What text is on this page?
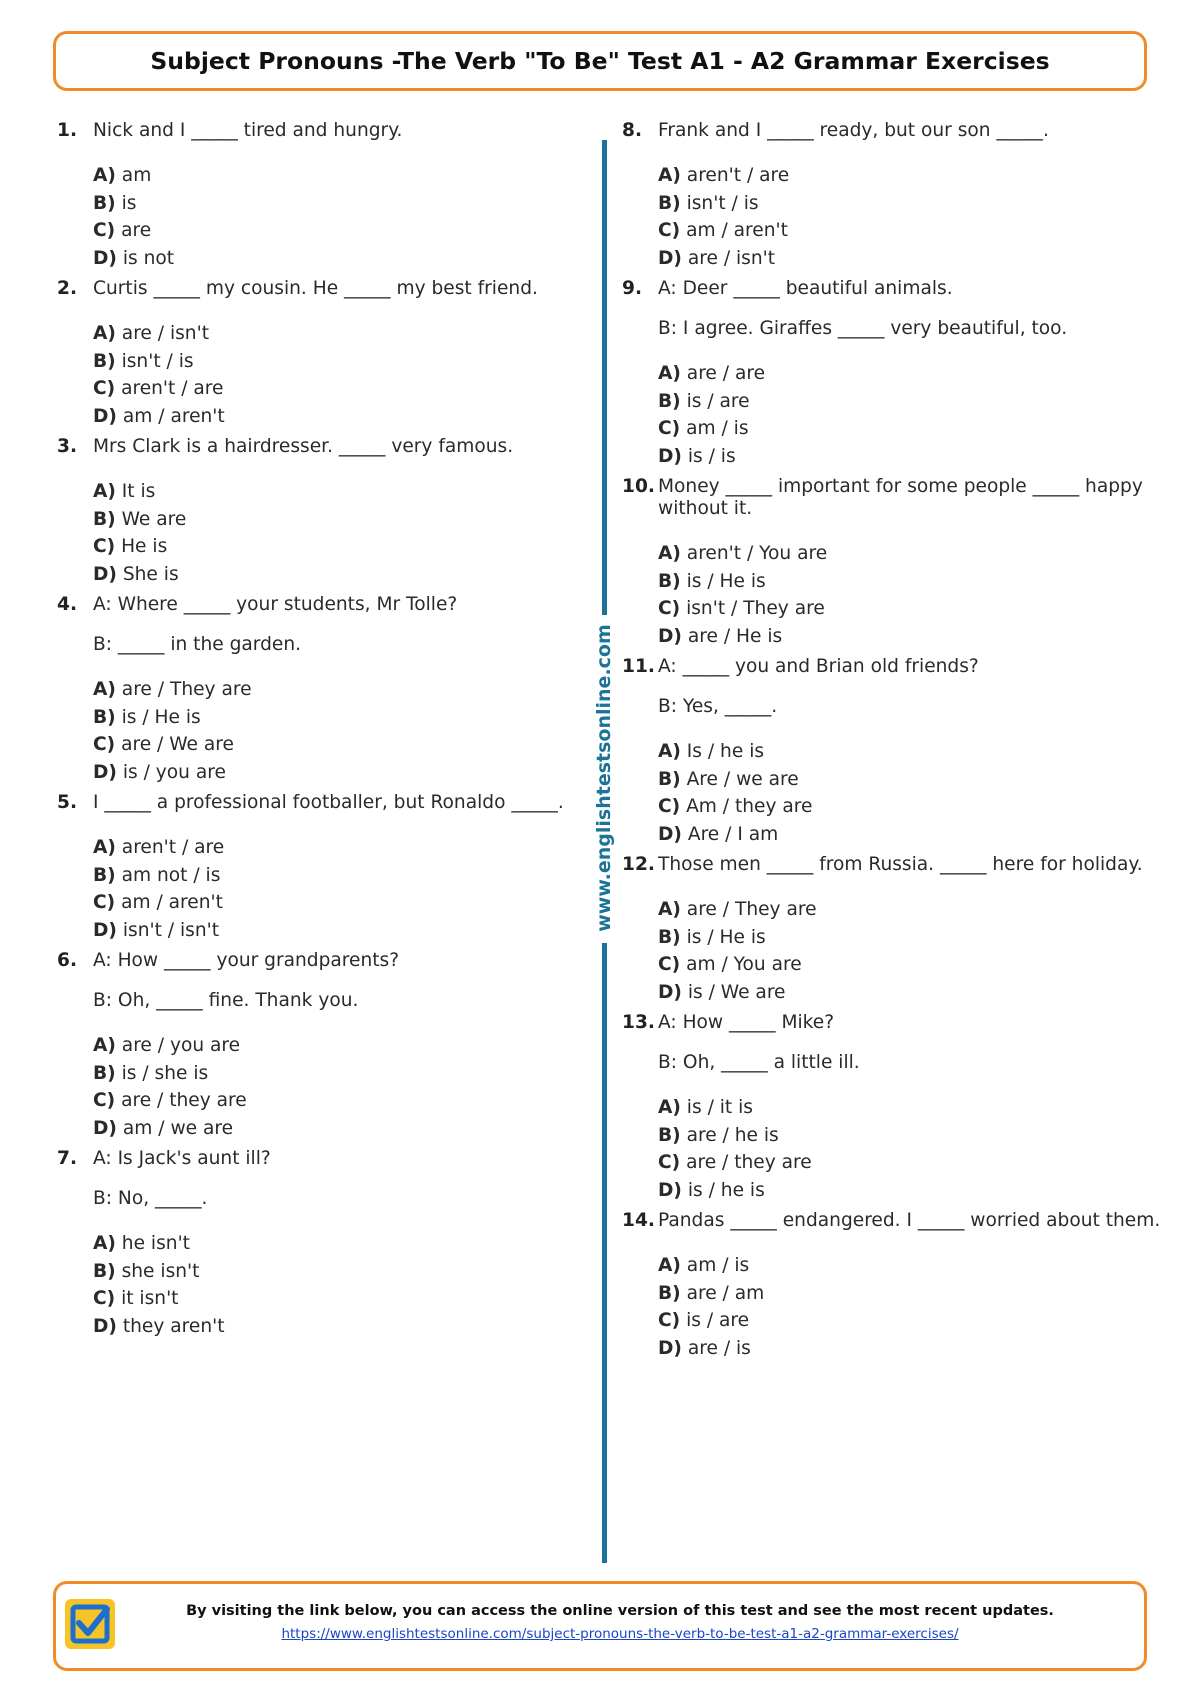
Subject Pronouns -The Verb "To Be" Test A1 - A2 Grammar Exercises
www.englishtestsonline.com
1. Nick and I _____ tired and hungry.
A) am
B) is
C) are
D) is not
2. Curtis _____ my cousin. He _____ my best friend.
A) are / isn't
B) isn't / is
C) aren't / are
D) am / aren't
3. Mrs Clark is a hairdresser. _____ very famous.
A) It is
B) We are
C) He is
D) She is
4. A: Where _____ your students, Mr Tolle?
B: _____ in the garden.
A) are / They are
B) is / He is
C) are / We are
D) is / you are
5. I _____ a professional footballer, but Ronaldo _____.
A) aren't / are
B) am not / is
C) am / aren't
D) isn't / isn't
6. A: How _____ your grandparents?
B: Oh, _____ fine. Thank you.
A) are / you are
B) is / she is
C) are / they are
D) am / we are
7. A: Is Jack's aunt ill?
B: No, _____.
A) he isn't
B) she isn't
C) it isn't
D) they aren't
8. Frank and I _____ ready, but our son _____.
A) aren't / are
B) isn't / is
C) am / aren't
D) are / isn't
9. A: Deer _____ beautiful animals.
B: I agree. Giraffes _____ very beautiful, too.
A) are / are
B) is / are
C) am / is
D) is / is
10. Money _____ important for some people _____ happy without it.
A) aren't / You are
B) is / He is
C) isn't / They are
D) are / He is
11. A: _____ you and Brian old friends?
B: Yes, _____.
A) Is / he is
B) Are / we are
C) Am / they are
D) Are / I am
12. Those men _____ from Russia. _____ here for holiday.
A) are / They are
B) is / He is
C) am / You are
D) is / We are
13. A: How _____ Mike?
B: Oh, _____ a little ill.
A) is / it is
B) are / he is
C) are / they are
D) is / he is
14. Pandas _____ endangered. I _____ worried about them.
A) am / is
B) are / am
C) is / are
D) are / is
By visiting the link below, you can access the online version of this test and see the most recent updates.
https://www.englishtestsonline.com/subject-pronouns-the-verb-to-be-test-a1-a2-grammar-exercises/
